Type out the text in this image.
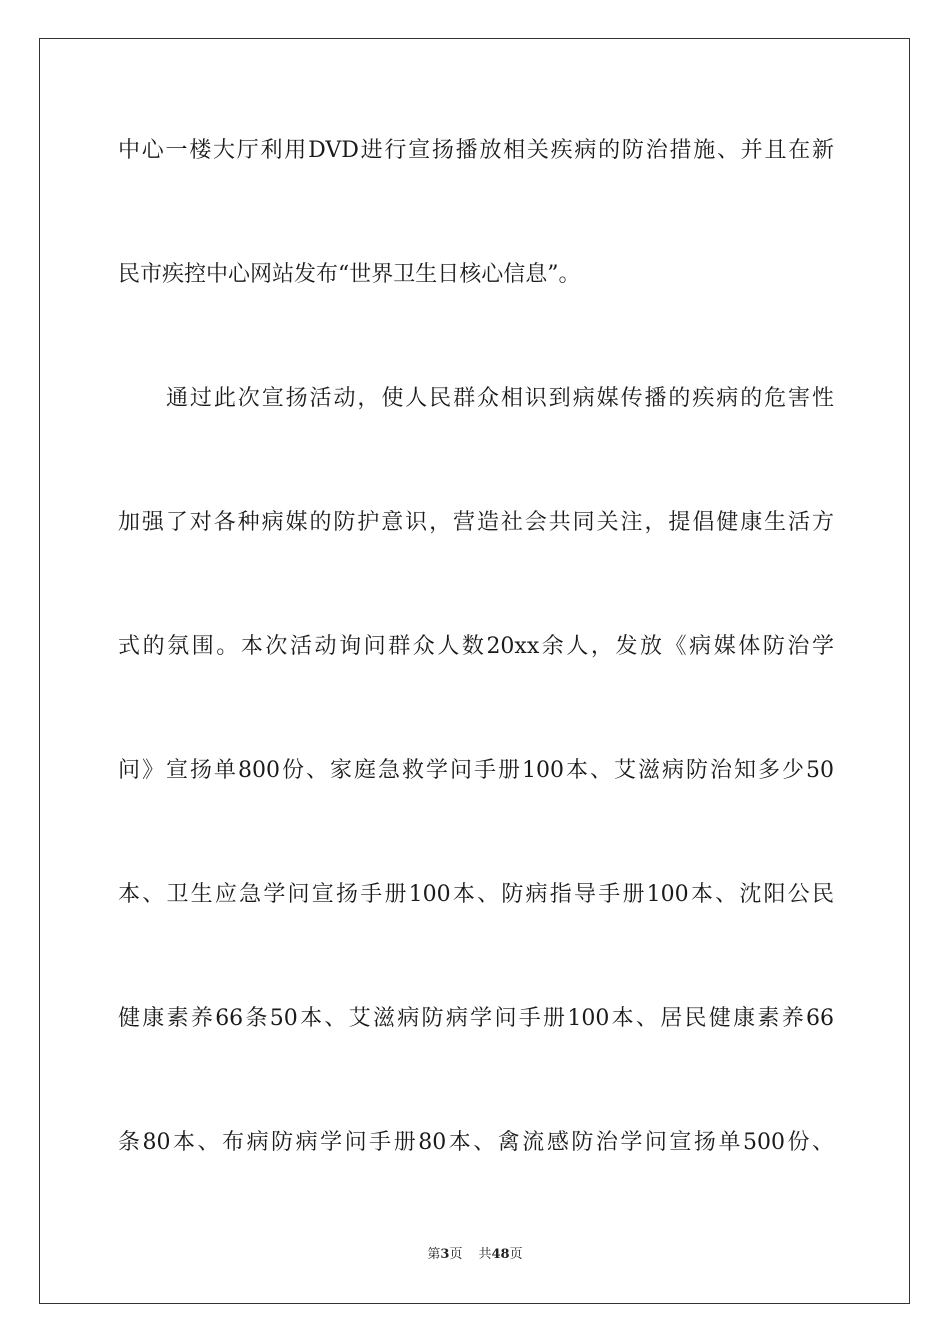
中心一楼大厅利用DVD进行宣扬播放相关疾病的防治措施、并且在新
民市疾控中心网站发布“世界卫生日核心信息”。
通过此次宣扬活动，使人民群众相识到病媒传播的疾病的危害性
加强了对各种病媒的防护意识，营造社会共同关注，提倡健康生活方
式的氛围。本次活动询问群众人数20xx余人，发放《病媒体防治学
问》宣扬单800份、家庭急救学问手册100本、艾滋病防治知多少50
本、卫生应急学问宣扬手册100本、防病指导手册100本、沈阳公民
健康素养66条50本、艾滋病防病学问手册100本、居民健康素养66
条80本、布病防病学问手册80本、禽流感防治学问宣扬单500份、
第3页 共48页
